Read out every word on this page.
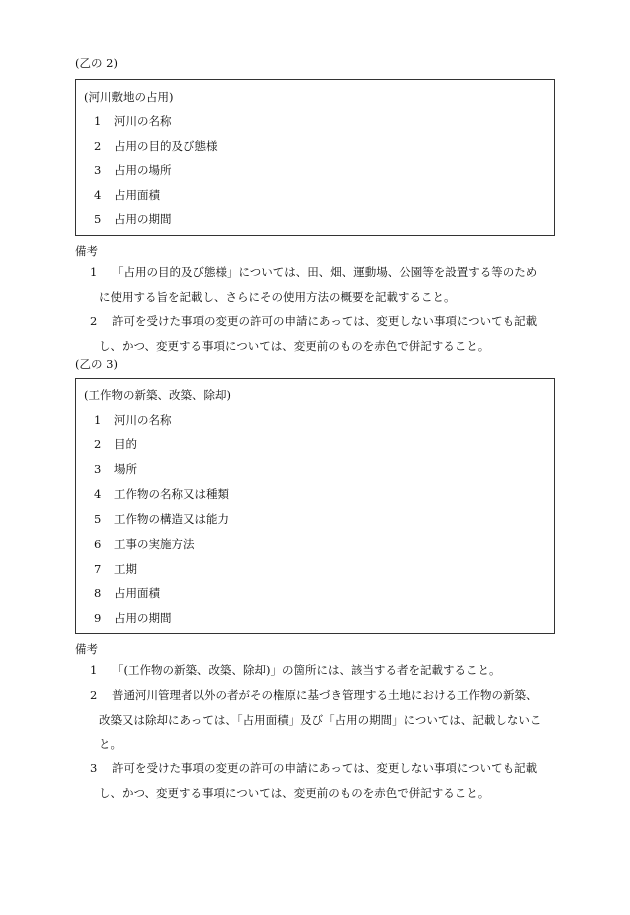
(乙の 2)
(河川敷地の占用)
1 河川の名称
2 占用の目的及び態様
3 占用の場所
4 占用面積
5 占用の期間
備考
1 「占用の目的及び態様」については、田、畑、運動場、公園等を設置する等のため
に使用する旨を記載し、さらにその使用方法の概要を記載すること。
2 許可を受けた事項の変更の許可の申請にあっては、変更しない事項についても記載
し、かつ、変更する事項については、変更前のものを赤色で併記すること。
(乙の 3)
(工作物の新築、改築、除却)
1 河川の名称
2 目的
3 場所
4 工作物の名称又は種類
5 工作物の構造又は能力
6 工事の実施方法
7 工期
8 占用面積
9 占用の期間
備考
1 「(工作物の新築、改築、除却)」の箇所には、該当する者を記載すること。
2 普通河川管理者以外の者がその権原に基づき管理する土地における工作物の新築、
改築又は除却にあっては、「占用面積」及び「占用の期間」については、記載しないこ
と。
3 許可を受けた事項の変更の許可の申請にあっては、変更しない事項についても記載
し、かつ、変更する事項については、変更前のものを赤色で併記すること。
